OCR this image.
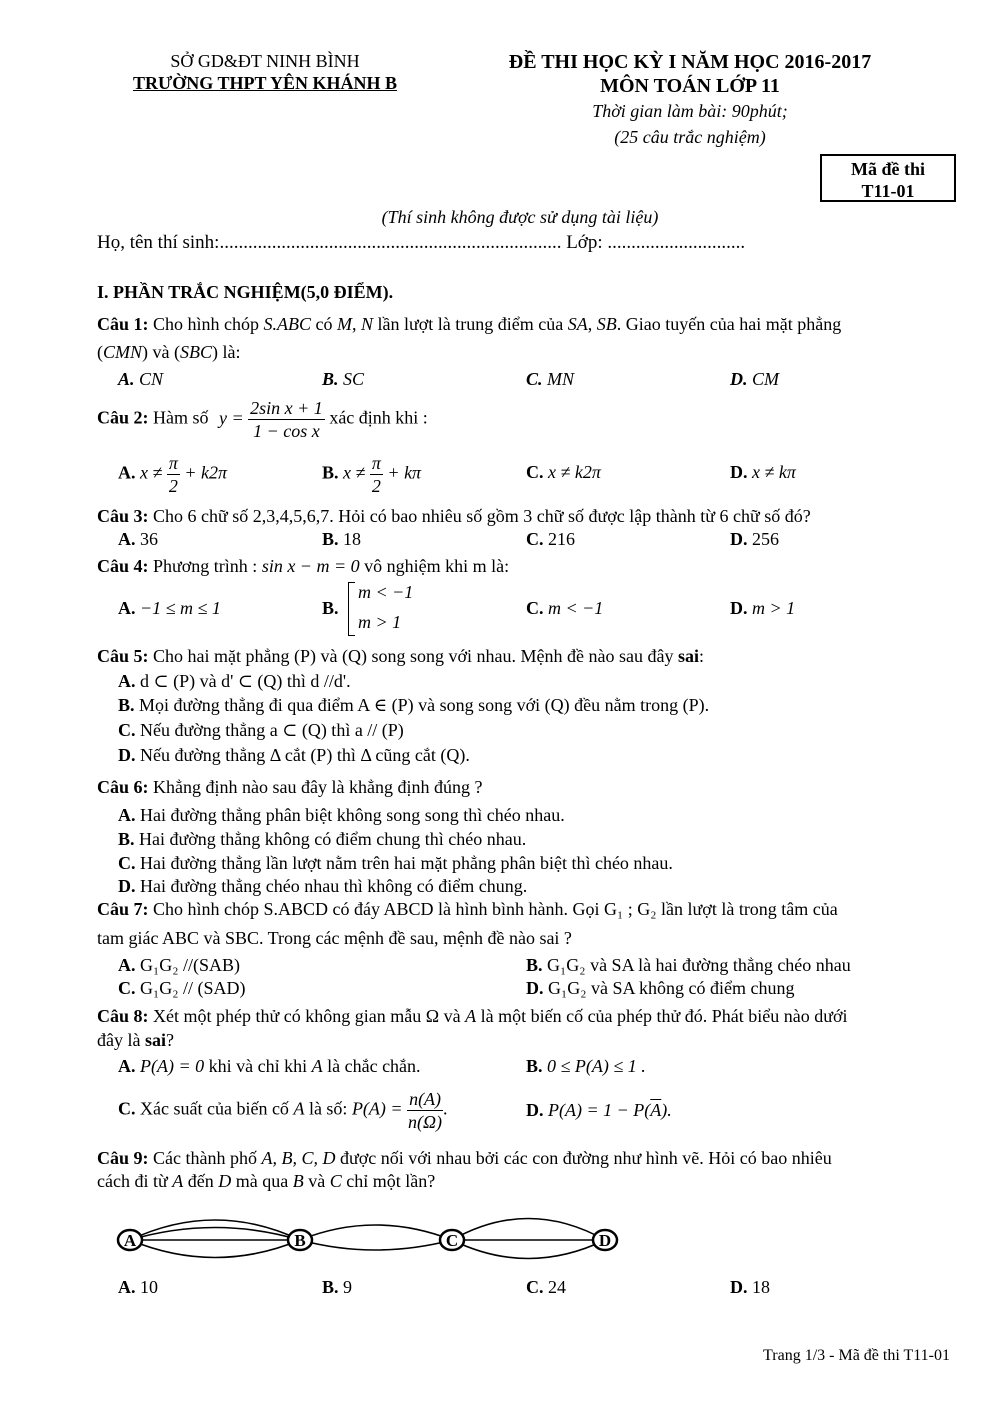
SỞ GD&ĐT NINH BÌNH
TRƯỜNG THPT YÊN KHÁNH B
ĐỀ THI HỌC KỲ I NĂM HỌC 2016-2017
MÔN TOÁN LỚP 11
Thời gian làm bài: 90phút;
(25 câu trắc nghiệm)
Mã đề thi
T11-01
(Thí sinh không được sử dụng tài liệu)
Họ, tên thí sinh:........................................................................ Lớp: .............................
I. PHẦN TRẮC NGHIỆM(5,0 ĐIỂM).
Câu 1: Cho hình chóp S.ABC có M, N lần lượt là trung điểm của SA, SB. Giao tuyến của hai mặt phẳng
(CMN) và (SBC) là:
A. CN	B. SC	C. MN	D. CM
Câu 2: Hàm số $y = \frac{\text{2sin x + 1}}{\text{1 − cos x}}$ xác định khi :
A. $x \ne \frac{\pi}{2} + k2\pi$	B. $x \ne \frac{\pi}{2} + k\pi$	C. x ≠ k2π	D. x ≠ kπ
Câu 3: Cho 6 chữ số 2,3,4,5,6,7. Hỏi có bao nhiêu số gồm 3 chữ số được lập thành từ 6 chữ số đó?
A. 36	B. 18	C. 216	D. 256
Câu 4: Phương trình : sin x − m = 0 vô nghiệm khi m là:
A. −1 ≤ m ≤ 1	B.
m < −1
m > 1
C. m < −1	D. m > 1
Câu 5: Cho hai mặt phẳng (P) và (Q) song song với nhau. Mệnh đề nào sau đây sai:
A. d ⊂ (P) và d' ⊂ (Q) thì d //d'.
B. Mọi đường thẳng đi qua điểm A ∈ (P) và song song với (Q) đều nằm trong (P).
C. Nếu đường thẳng a ⊂ (Q) thì a // (P)
D. Nếu đường thẳng Δ cắt (P) thì Δ cũng cắt (Q).
Câu 6: Khẳng định nào sau đây là khẳng định đúng ?
A. Hai đường thẳng phân biệt không song song thì chéo nhau.
B. Hai đường thẳng không có điểm chung thì chéo nhau.
C. Hai đường thẳng lần lượt nằm trên hai mặt phẳng phân biệt thì chéo nhau.
D. Hai đường thẳng chéo nhau thì không có điểm chung.
Câu 7: Cho hình chóp S.ABCD có đáy ABCD là hình bình hành. Gọi G₁ ; G₂ lần lượt là trong tâm của
tam giác ABC và SBC. Trong các mệnh đề sau, mệnh đề nào sai ?
A. G₁G₂ //(SAB)	B. G₁G₂ và SA là hai đường thẳng chéo nhau
C. G₁G₂ // (SAD)	D. G₁G₂ và SA không có điểm chung
Câu 8: Xét một phép thử có không gian mẫu Ω và A là một biến cố của phép thử đó. Phát biểu nào dưới
đây là sai?
A. P(A) = 0 khi và chỉ khi A là chắc chắn.	B. 0 ≤ P(A) ≤ 1 .
C. Xác suất của biến cố A là số: $P(A) = \frac{n(A)}{n(\Omega)}$ .	D. $P(A) = 1 - P(\overline{A})$.
Câu 9: Các thành phố A, B, C, D được nối với nhau bởi các con đường như hình vẽ. Hỏi có bao nhiêu
cách đi từ A đến D mà qua B và C chỉ một lần?
A	B	C	D
A. 10	B. 9	C. 24	D. 18
Trang 1/3 - Mã đề thi T11-01
